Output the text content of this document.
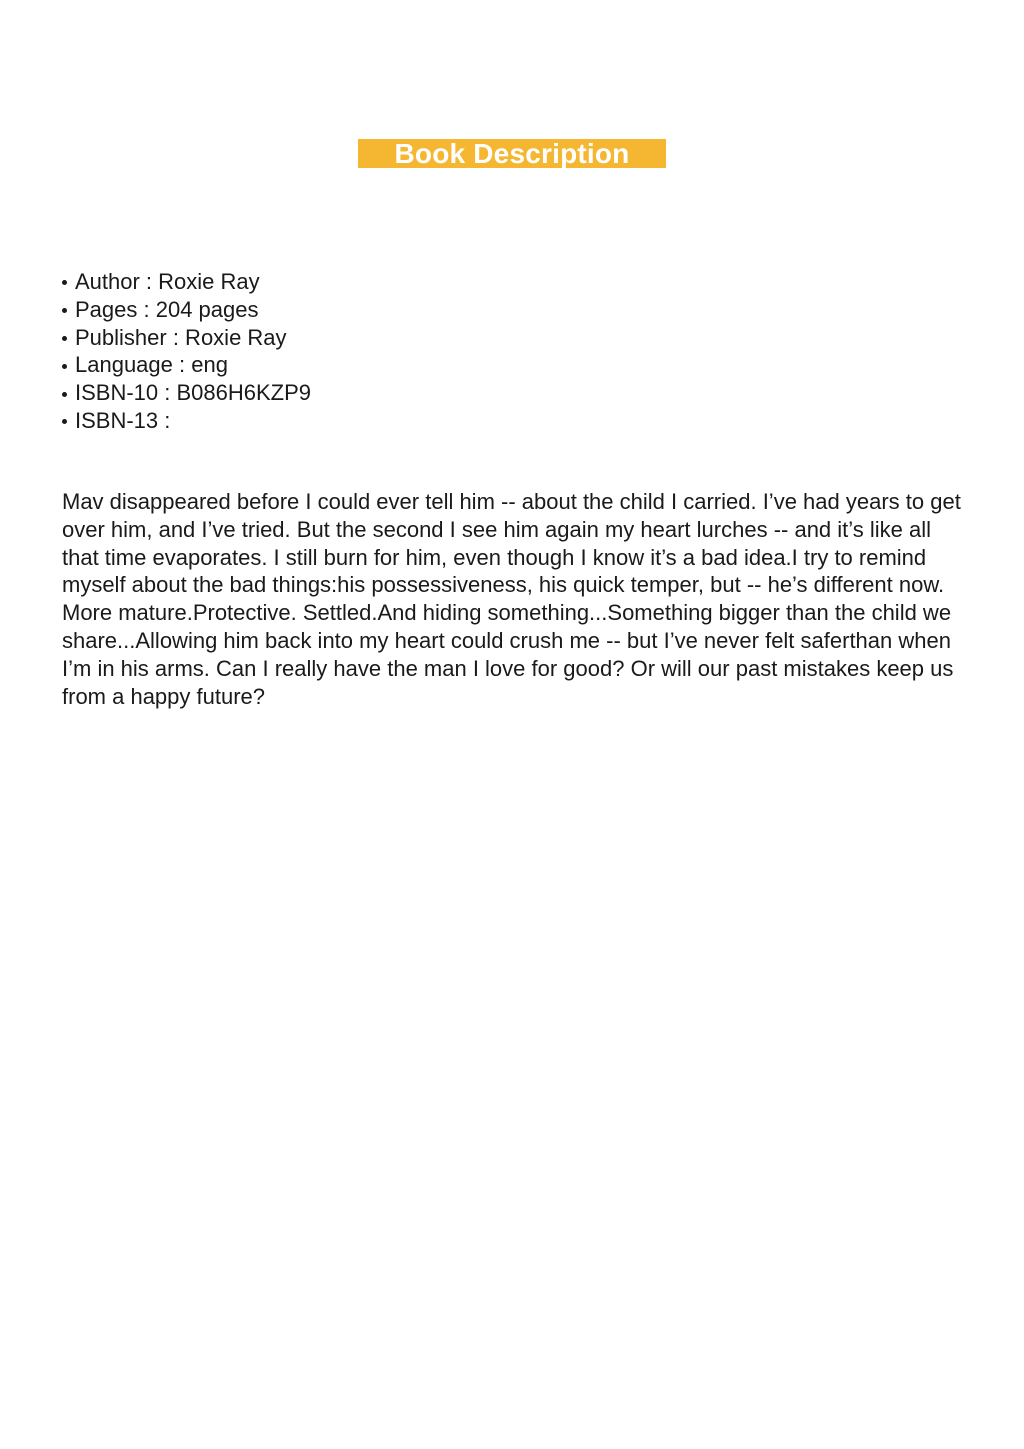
Book Description
Author : Roxie Ray
Pages : 204 pages
Publisher : Roxie Ray
Language : eng
ISBN-10 : B086H6KZP9
ISBN-13 :

Mav disappeared before I could ever tell him -- about the child I carried. I’ve had years to get over him, and I’ve tried. But the second I see him again my heart lurches -- and it’s like all that time evaporates. I still burn for him, even though I know it’s a bad idea.I try to remind myself about the bad things:his possessiveness, his quick temper, but -- he’s different now. More mature.Protective. Settled.And hiding something...Something bigger than the child we share...Allowing him back into my heart could crush me -- but I’ve never felt saferthan when I’m in his arms. Can I really have the man I love for good? Or will our past mistakes keep us from a happy future?
